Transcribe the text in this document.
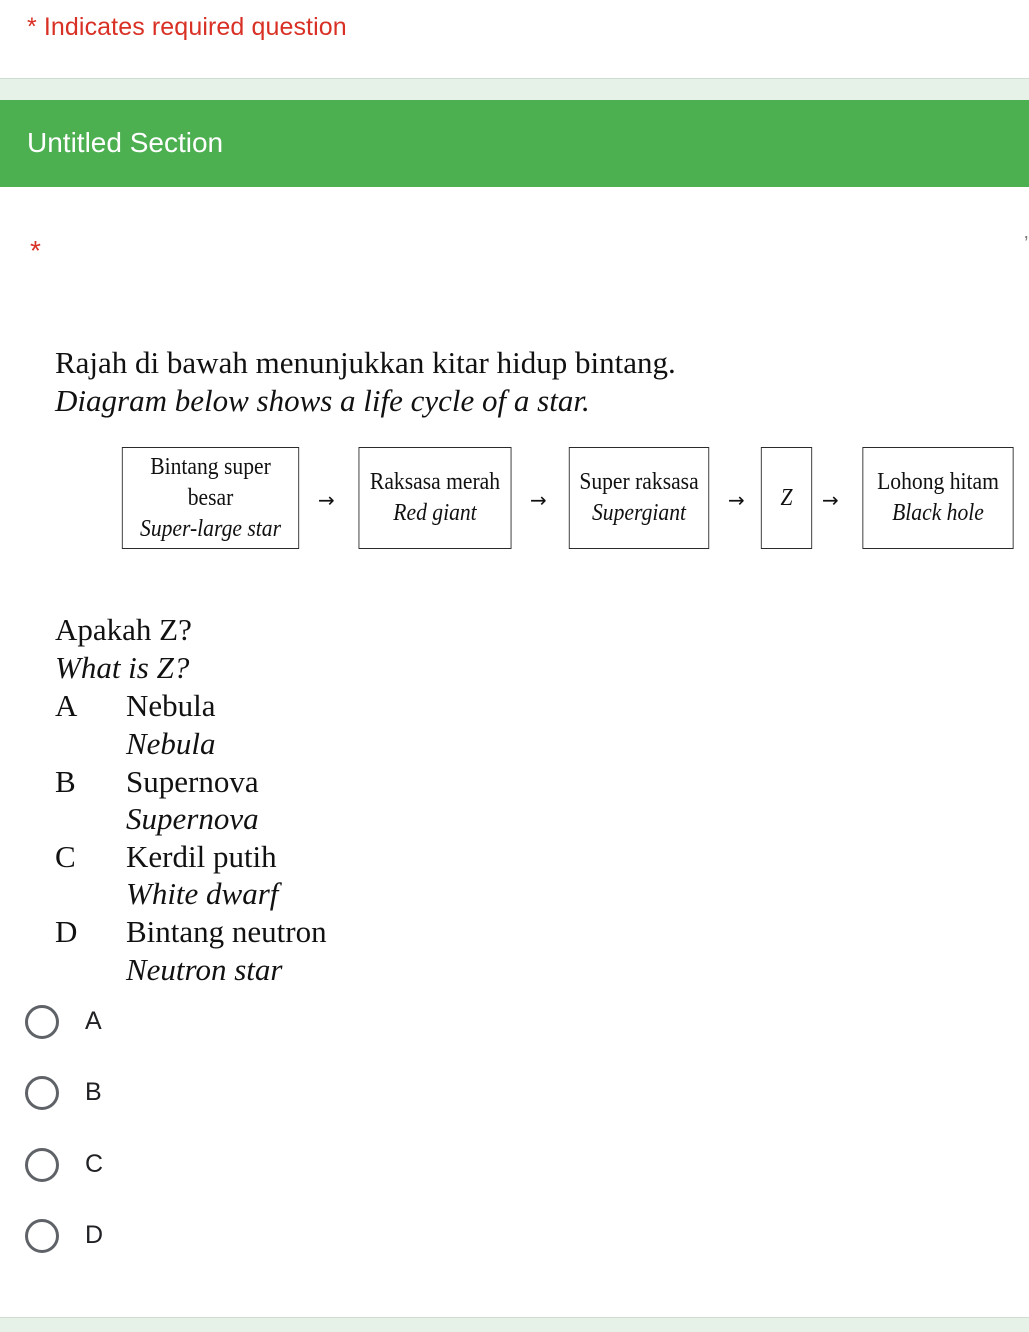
* Indicates required question
Untitled Section
*	’
Rajah di bawah menunjukkan kitar hidup bintang.
Diagram below shows a life cycle of a star.
Bintang super
besar
Super-large star
→
Raksasa merah
Red giant	→
Super raksasa
Supergiant → Z →
Lohong hitam
Black hole
Apakah Z?
What is Z?
A Nebula
Nebula
B Supernova
Supernova
C Kerdil putih
White dwarf
D Bintang neutron
Neutron star
A
B
C
D
